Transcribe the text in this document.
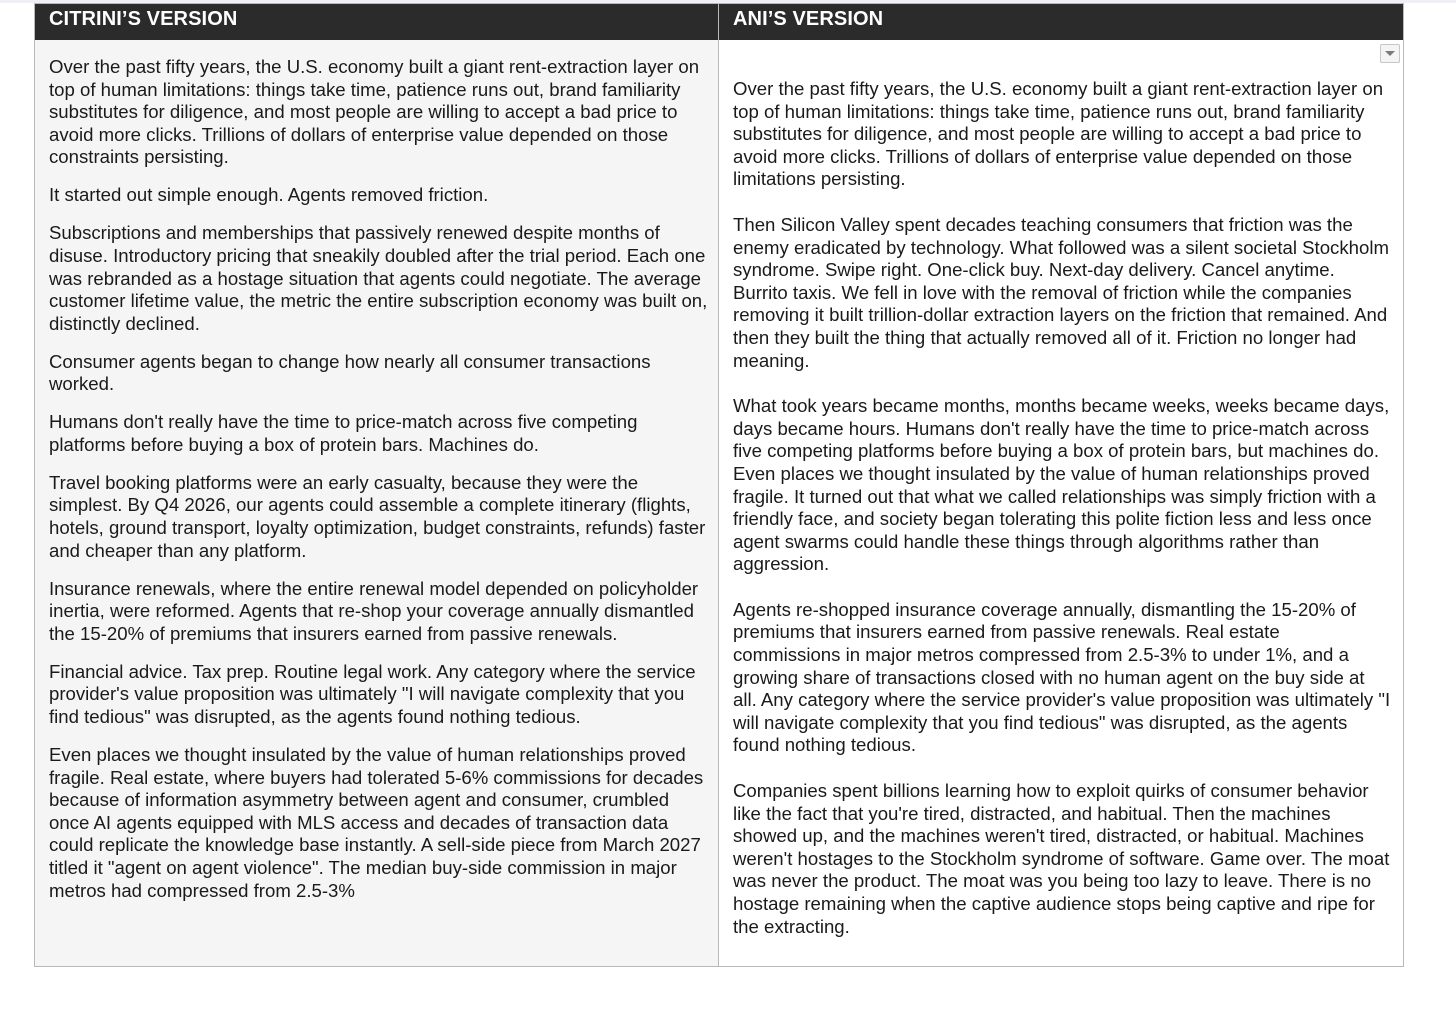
CITRINI’S VERSION	ANI’S VERSION

Over the past fifty years, the U.S. economy built a giant rent-extraction layer on top of human limitations: things take time, patience runs out, brand familiarity substitutes for diligence, and most people are willing to accept a bad price to avoid more clicks. Trillions of dollars of enterprise value depended on those constraints persisting.

It started out simple enough. Agents removed friction.

Subscriptions and memberships that passively renewed despite months of disuse. Introductory pricing that sneakily doubled after the trial period. Each one was rebranded as a hostage situation that agents could negotiate. The average customer lifetime value, the metric the entire subscription economy was built on, distinctly declined.

Consumer agents began to change how nearly all consumer transactions worked.

Humans don't really have the time to price-match across five competing platforms before buying a box of protein bars. Machines do.

Travel booking platforms were an early casualty, because they were the simplest. By Q4 2026, our agents could assemble a complete itinerary (flights, hotels, ground transport, loyalty optimization, budget constraints, refunds) faster and cheaper than any platform.

Insurance renewals, where the entire renewal model depended on policyholder inertia, were reformed. Agents that re-shop your coverage annually dismantled the 15-20% of premiums that insurers earned from passive renewals.

Financial advice. Tax prep. Routine legal work. Any category where the service provider's value proposition was ultimately "I will navigate complexity that you find tedious" was disrupted, as the agents found nothing tedious.

Even places we thought insulated by the value of human relationships proved fragile. Real estate, where buyers had tolerated 5-6% commissions for decades because of information asymmetry between agent and consumer, crumbled once AI agents equipped with MLS access and decades of transaction data could replicate the knowledge base instantly. A sell-side piece from March 2027 titled it "agent on agent violence". The median buy-side commission in major metros had compressed from 2.5-3%

Over the past fifty years, the U.S. economy built a giant rent-extraction layer on top of human limitations: things take time, patience runs out, brand familiarity substitutes for diligence, and most people are willing to accept a bad price to avoid more clicks. Trillions of dollars of enterprise value depended on those limitations persisting.

Then Silicon Valley spent decades teaching consumers that friction was the enemy eradicated by technology. What followed was a silent societal Stockholm syndrome. Swipe right. One-click buy. Next-day delivery. Cancel anytime. Burrito taxis. We fell in love with the removal of friction while the companies removing it built trillion-dollar extraction layers on the friction that remained. And then they built the thing that actually removed all of it. Friction no longer had meaning.

What took years became months, months became weeks, weeks became days, days became hours. Humans don't really have the time to price-match across five competing platforms before buying a box of protein bars, but machines do. Even places we thought insulated by the value of human relationships proved fragile. It turned out that what we called relationships was simply friction with a friendly face, and society began tolerating this polite fiction less and less once agent swarms could handle these things through algorithms rather than aggression.

Agents re-shopped insurance coverage annually, dismantling the 15-20% of premiums that insurers earned from passive renewals. Real estate commissions in major metros compressed from 2.5-3% to under 1%, and a growing share of transactions closed with no human agent on the buy side at all. Any category where the service provider's value proposition was ultimately "I will navigate complexity that you find tedious" was disrupted, as the agents found nothing tedious.

Companies spent billions learning how to exploit quirks of consumer behavior like the fact that you're tired, distracted, and habitual. Then the machines showed up, and the machines weren't tired, distracted, or habitual. Machines weren't hostages to the Stockholm syndrome of software. Game over. The moat was never the product. The moat was you being too lazy to leave. There is no hostage remaining when the captive audience stops being captive and ripe for the extracting.
